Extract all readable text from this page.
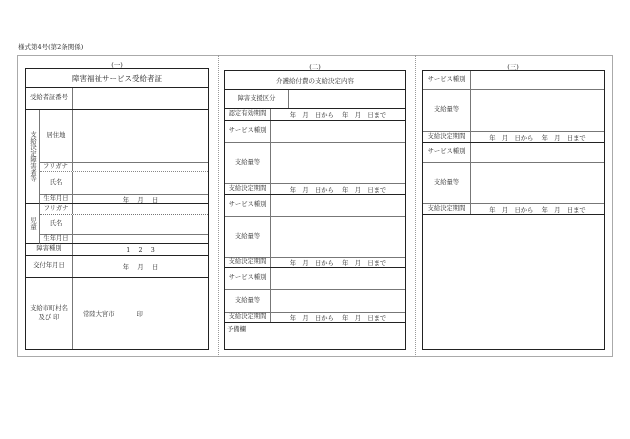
様式第4号(第2条関係)
(一)
障害福祉サービス受給者証
受給者証番号
支給決定障害者等	居住地
フリガナ
氏名
生年月日	年　 月　 日
児童
フリガナ
氏名
生年月日
障害種別	1　 2　 3
交付年月日	年　 月　 日
支給市町村名
及び 印	常陸大宮市	印
(二)
介護給付費の支給決定内容
障害支援区分
認定有効期間	年　月　日から　 年　月　日まで
サービス種別
支給量等
支給決定期間	年　月　日から　 年　月　日まで
サービス種別
支給量等
支給決定期間	年　月　日から　 年　月　日まで
サービス種別
支給量等
支給決定期間	年　月　日から　 年　月　日まで
予備欄
(三)
サービス種別
支給量等
支給決定期間	年　月　日から　 年　月　日まで
サービス種別
支給量等
支給決定期間	年　月　日から　 年　月　日まで
